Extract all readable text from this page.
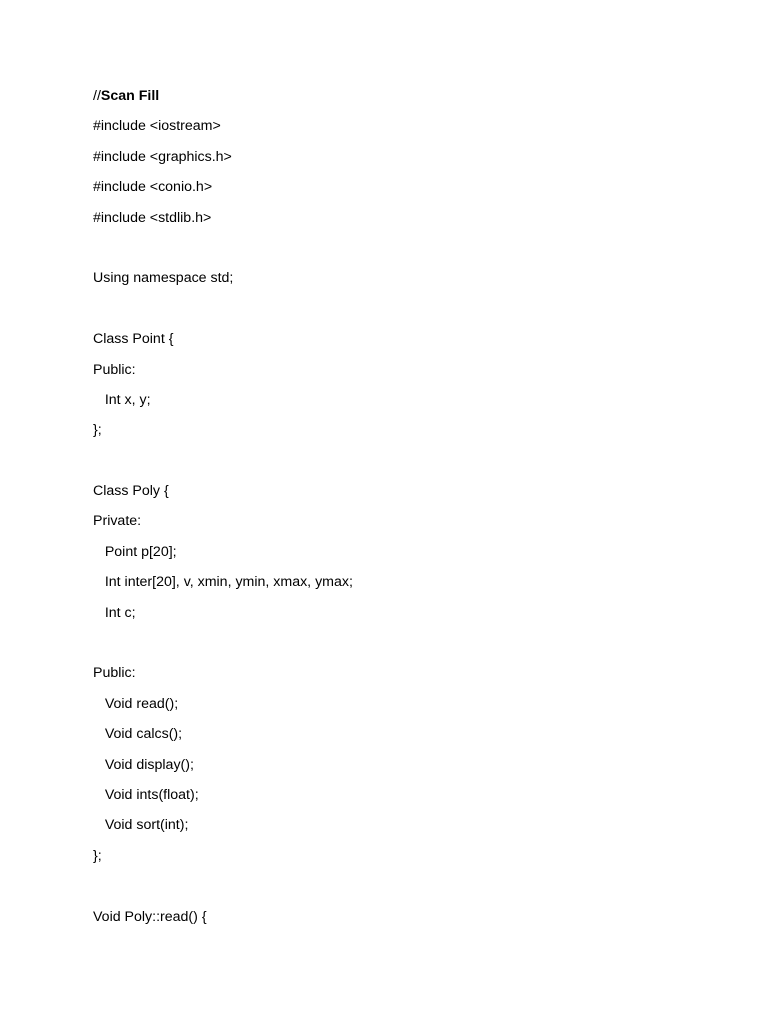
//Scan Fill
#include <iostream>
#include <graphics.h>
#include <conio.h>
#include <stdlib.h>
Using namespace std;
Class Point {
Public:
Int x, y;
};
Class Poly {
Private:
Point p[20];
Int inter[20], v, xmin, ymin, xmax, ymax;
Int c;
Public:
Void read();
Void calcs();
Void display();
Void ints(float);
Void sort(int);
};
Void Poly::read() {
